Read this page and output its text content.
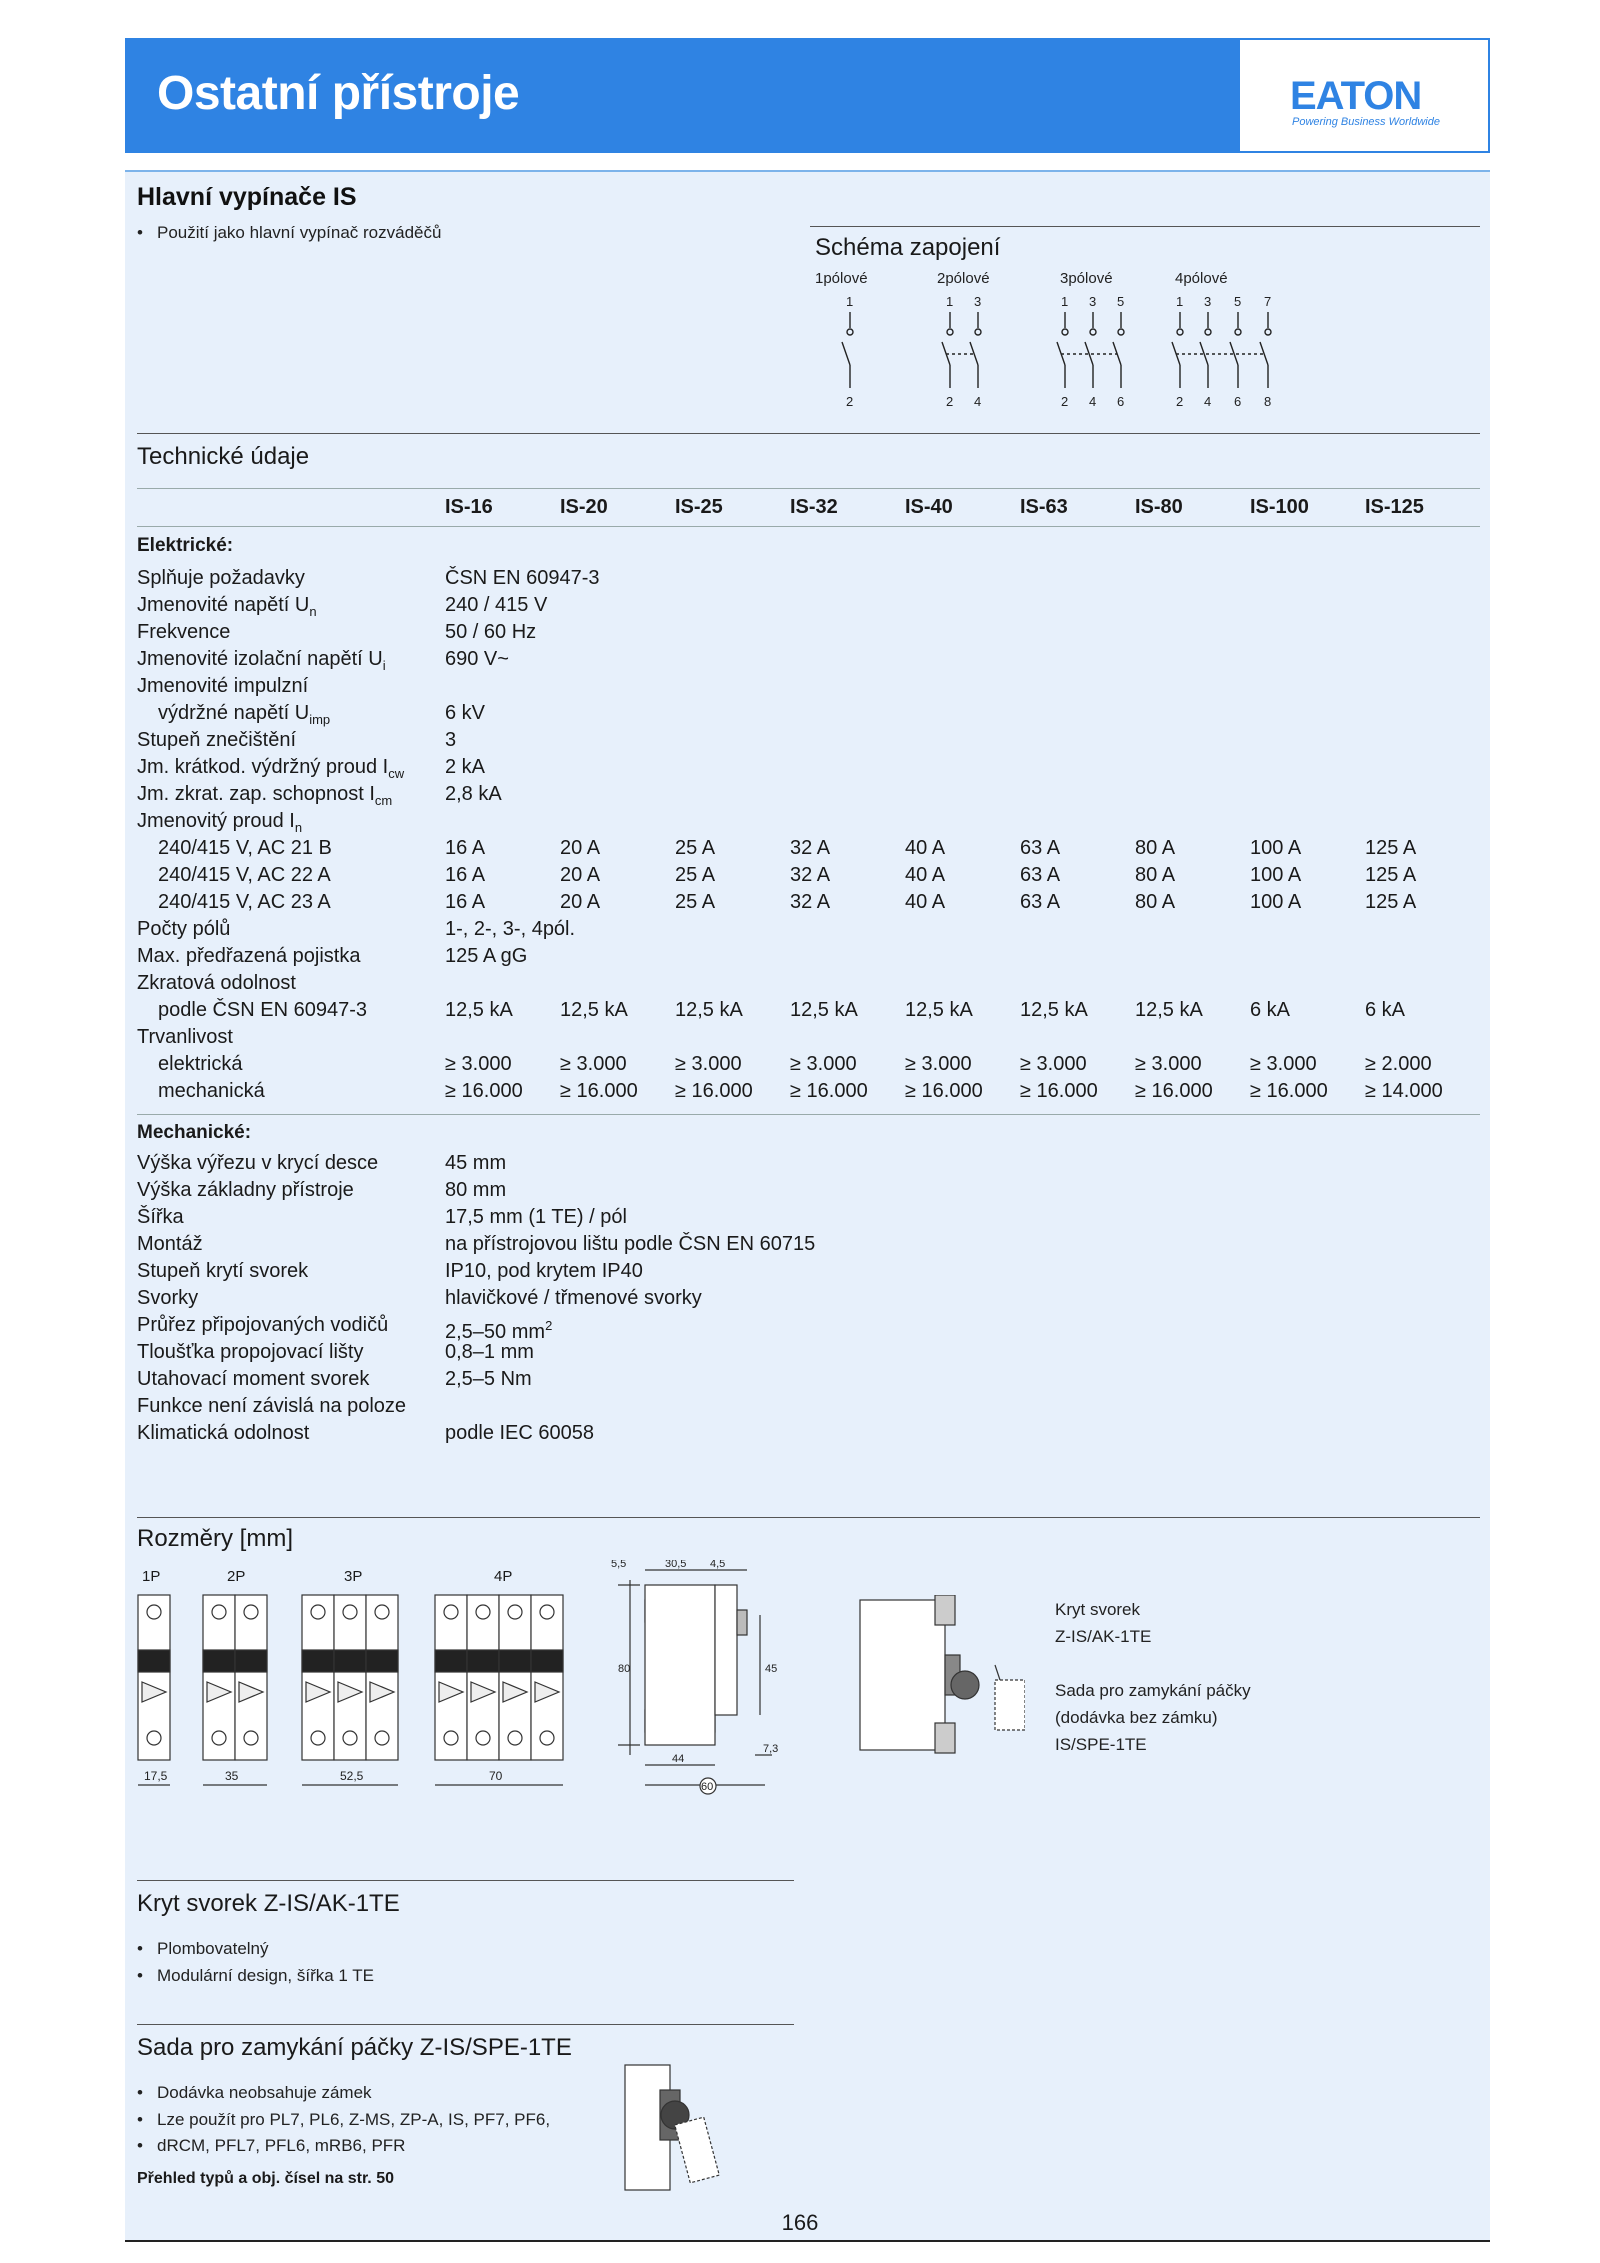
Ostatní přístroje	EATON
Powering Business Worldwide
Hlavní vypínače IS
• Použití jako hlavní vypínač rozváděčů
Schéma zapojení
1pólové	2pólové	3pólové	4pólové
1
2
1 3
2 4
1 3 5
2 4 6
1 3 5 7
2 4 6 8
Technické údaje
IS-16	IS-20	IS-25	IS-32	IS-40	IS-63	IS-80	IS-100	IS-125
Elektrické:
Splňuje požadavky	ČSN EN 60947-3
Jmenovité napětí $U_n$	240 / 415 V
Frekvence	50 / 60 Hz
Jmenovité izolační napětí $U_i$	690 V~
Jmenovité impulzní
výdržné napětí $U_{imp}$	6 kV
Stupeň znečištění	3
Jm. krátkod. výdržný proud $I_{cw}$ 2 kA
Jm. zkrat. zap. schopnost $I_{cm}$	2,8 kA
Jmenovitý proud $I_n$
240/415 V, AC 21 B	16 A	20 A	25 A	32 A	40 A	63 A	80 A	100 A	125 A
240/415 V, AC 22 A	16 A	20 A	25 A	32 A	40 A	63 A	80 A	100 A	125 A
240/415 V, AC 23 A	16 A	20 A	25 A	32 A	40 A	63 A	80 A	100 A	125 A
Počty pólů	1-, 2-, 3-, 4pól.
Max. předřazená pojistka	125 A gG
Zkratová odolnost
podle ČSN EN 60947-3	12,5 kA 12,5 kA 12,5 kA 12,5 kA 12,5 kA 12,5 kA 12,5 kA 6 kA	6 kA
Trvanlivost
elektrická	≥ 3.000 ≥ 3.000 ≥ 3.000 ≥ 3.000 ≥ 3.000 ≥ 3.000 ≥ 3.000 ≥ 3.000 ≥ 2.000
mechanická	≥ 16.000 ≥ 16.000 ≥ 16.000 ≥ 16.000 ≥ 16.000 ≥ 16.000 ≥ 16.000 ≥ 16.000 ≥ 14.000
Mechanické:
Výška výřezu v krycí desce	45 mm
Výška základny přístroje	80 mm
Šířka	17,5 mm (1 TE) / pól
Montáž	na přístrojovou lištu podle ČSN EN 60715
Stupeň krytí svorek	IP10, pod krytem IP40
Svorky	hlavičkové / třmenové svorky
Průřez připojovaných vodičů	2,5–50 $mm^2$
Tloušťka propojovací lišty	0,8–1 mm
Utahovací moment svorek	2,5–5 Nm
Funkce není závislá na poloze
Klimatická odolnost	podle IEC 60058
Rozměry [mm]
1P	2P	3P	4P
17,5	35	52,5	70
80	45
5,5	30,5 4,5
7,3
44
60
Kryt svorek
Z-IS/AK-1TE
Sada pro zamykání páčky
(dodávka bez zámku)
IS/SPE-1TE
Kryt svorek Z-IS/AK-1TE
• Plombovatelný
• Modulární design, šířka 1 TE
Sada pro zamykání páčky Z-IS/SPE-1TE
• Dodávka neobsahuje zámek
• Lze použít pro PL7, PL6, Z-MS, ZP-A, IS, PF7, PF6,
• dRCM, PFL7, PFL6, mRB6, PFR
Přehled typů a obj. čísel na str. 50
166
